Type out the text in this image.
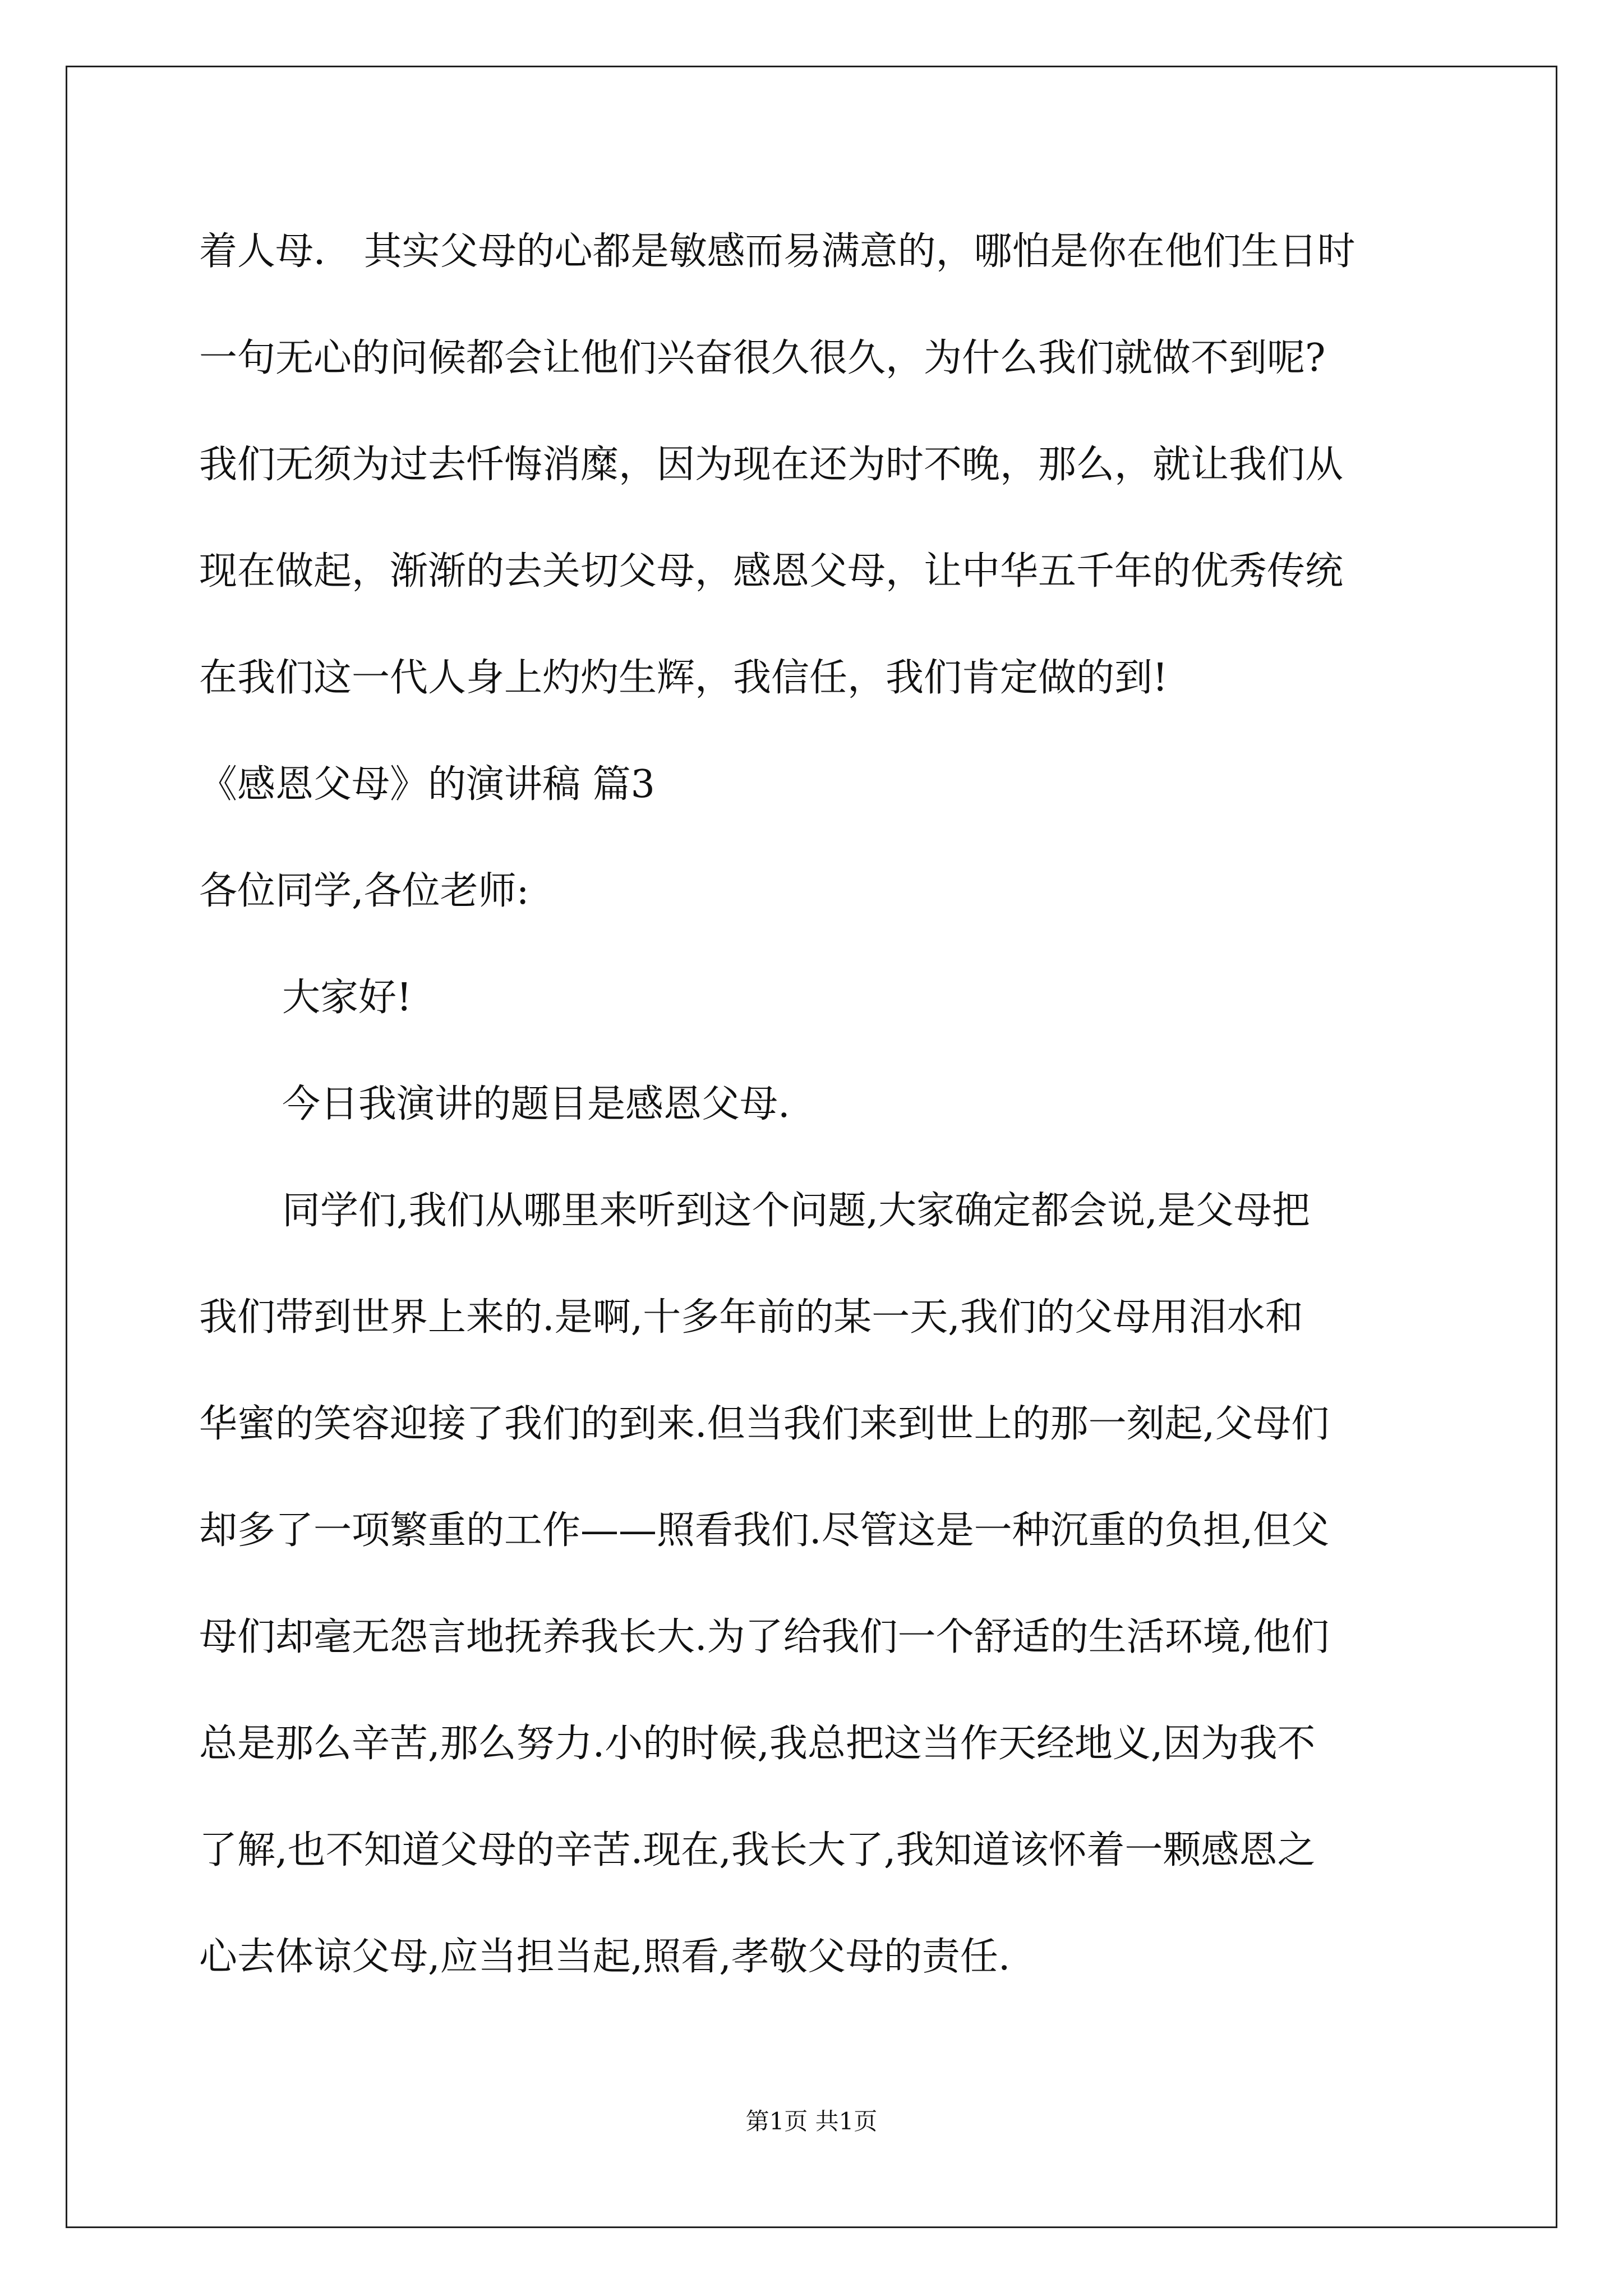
着人母． 其实父母的心都是敏感而易满意的，哪怕是你在他们生日时
一句无心的问候都会让他们兴奋很久很久，为什么我们就做不到呢?
我们无须为过去忏悔消糜，因为现在还为时不晚，那么，就让我们从
现在做起，渐渐的去关切父母，感恩父母，让中华五千年的优秀传统
在我们这一代人身上灼灼生辉，我信任，我们肯定做的到!
《感恩父母》的演讲稿 篇3
各位同学,各位老师:
大家好!
今日我演讲的题目是感恩父母.
同学们,我们从哪里来听到这个问题,大家确定都会说,是父母把
我们带到世界上来的.是啊,十多年前的某一天,我们的父母用泪水和
华蜜的笑容迎接了我们的到来.但当我们来到世上的那一刻起,父母们
却多了一项繁重的工作——照看我们.尽管这是一种沉重的负担,但父
母们却毫无怨言地抚养我长大.为了给我们一个舒适的生活环境,他们
总是那么辛苦,那么努力.小的时候,我总把这当作天经地义,因为我不
了解,也不知道父母的辛苦.现在,我长大了,我知道该怀着一颗感恩之
心去体谅父母,应当担当起,照看,孝敬父母的责任.
第1页 共1页
